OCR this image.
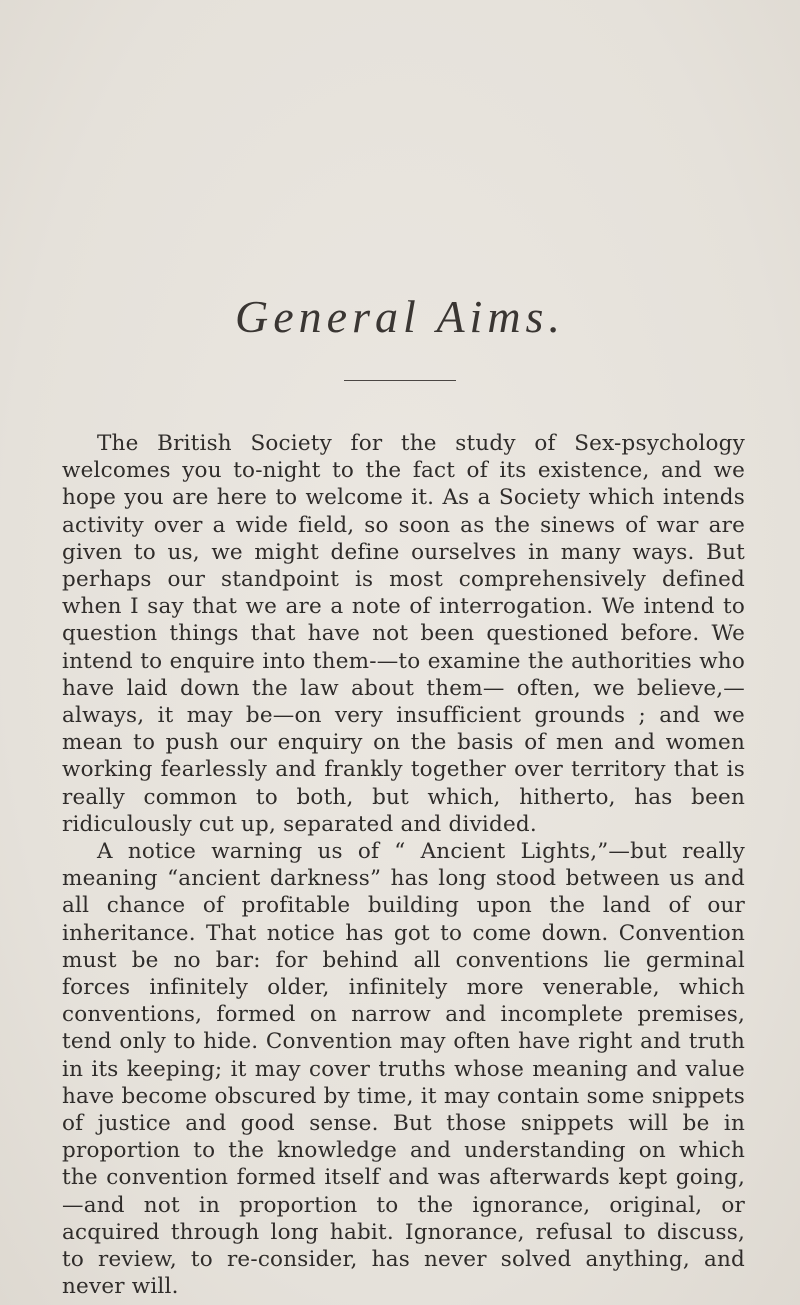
General Aims.

The British Society for the study of Sex-psychology welcomes you to-night to the fact of its existence, and we hope you are here to welcome it. As a Society which intends activity over a wide field, so soon as the sinews of war are given to us, we might define ourselves in many ways. But perhaps our standpoint is most comprehensively defined when I say that we are a note of interrogation. We intend to question things that have not been questioned before. We intend to enquire into them-—to examine the authorities who have laid down the law about them— often, we believe,—always, it may be—on very insufficient grounds ; and we mean to push our enquiry on the basis of men and women working fearlessly and frankly together over territory that is really common to both, but which, hitherto, has been ridiculously cut up, separated and divided.

A notice warning us of “ Ancient Lights,”—but really meaning “ancient darkness” has long stood between us and all chance of profitable building upon the land of our inheritance. That notice has got to come down. Convention must be no bar: for behind all conventions lie germinal forces infinitely older, infinitely more venerable, which conventions, formed on narrow and incomplete premises, tend only to hide. Convention may often have right and truth in its keeping; it may cover truths whose meaning and value have become obscured by time, it may contain some snippets of justice and good sense. But those snippets will be in proportion to the knowledge and understanding on which the convention formed itself and was afterwards kept going,—and not in proportion to the ignorance, original, or acquired through long habit. Ignorance, refusal to discuss, to review, to re-consider, has never solved anything, and never will.
